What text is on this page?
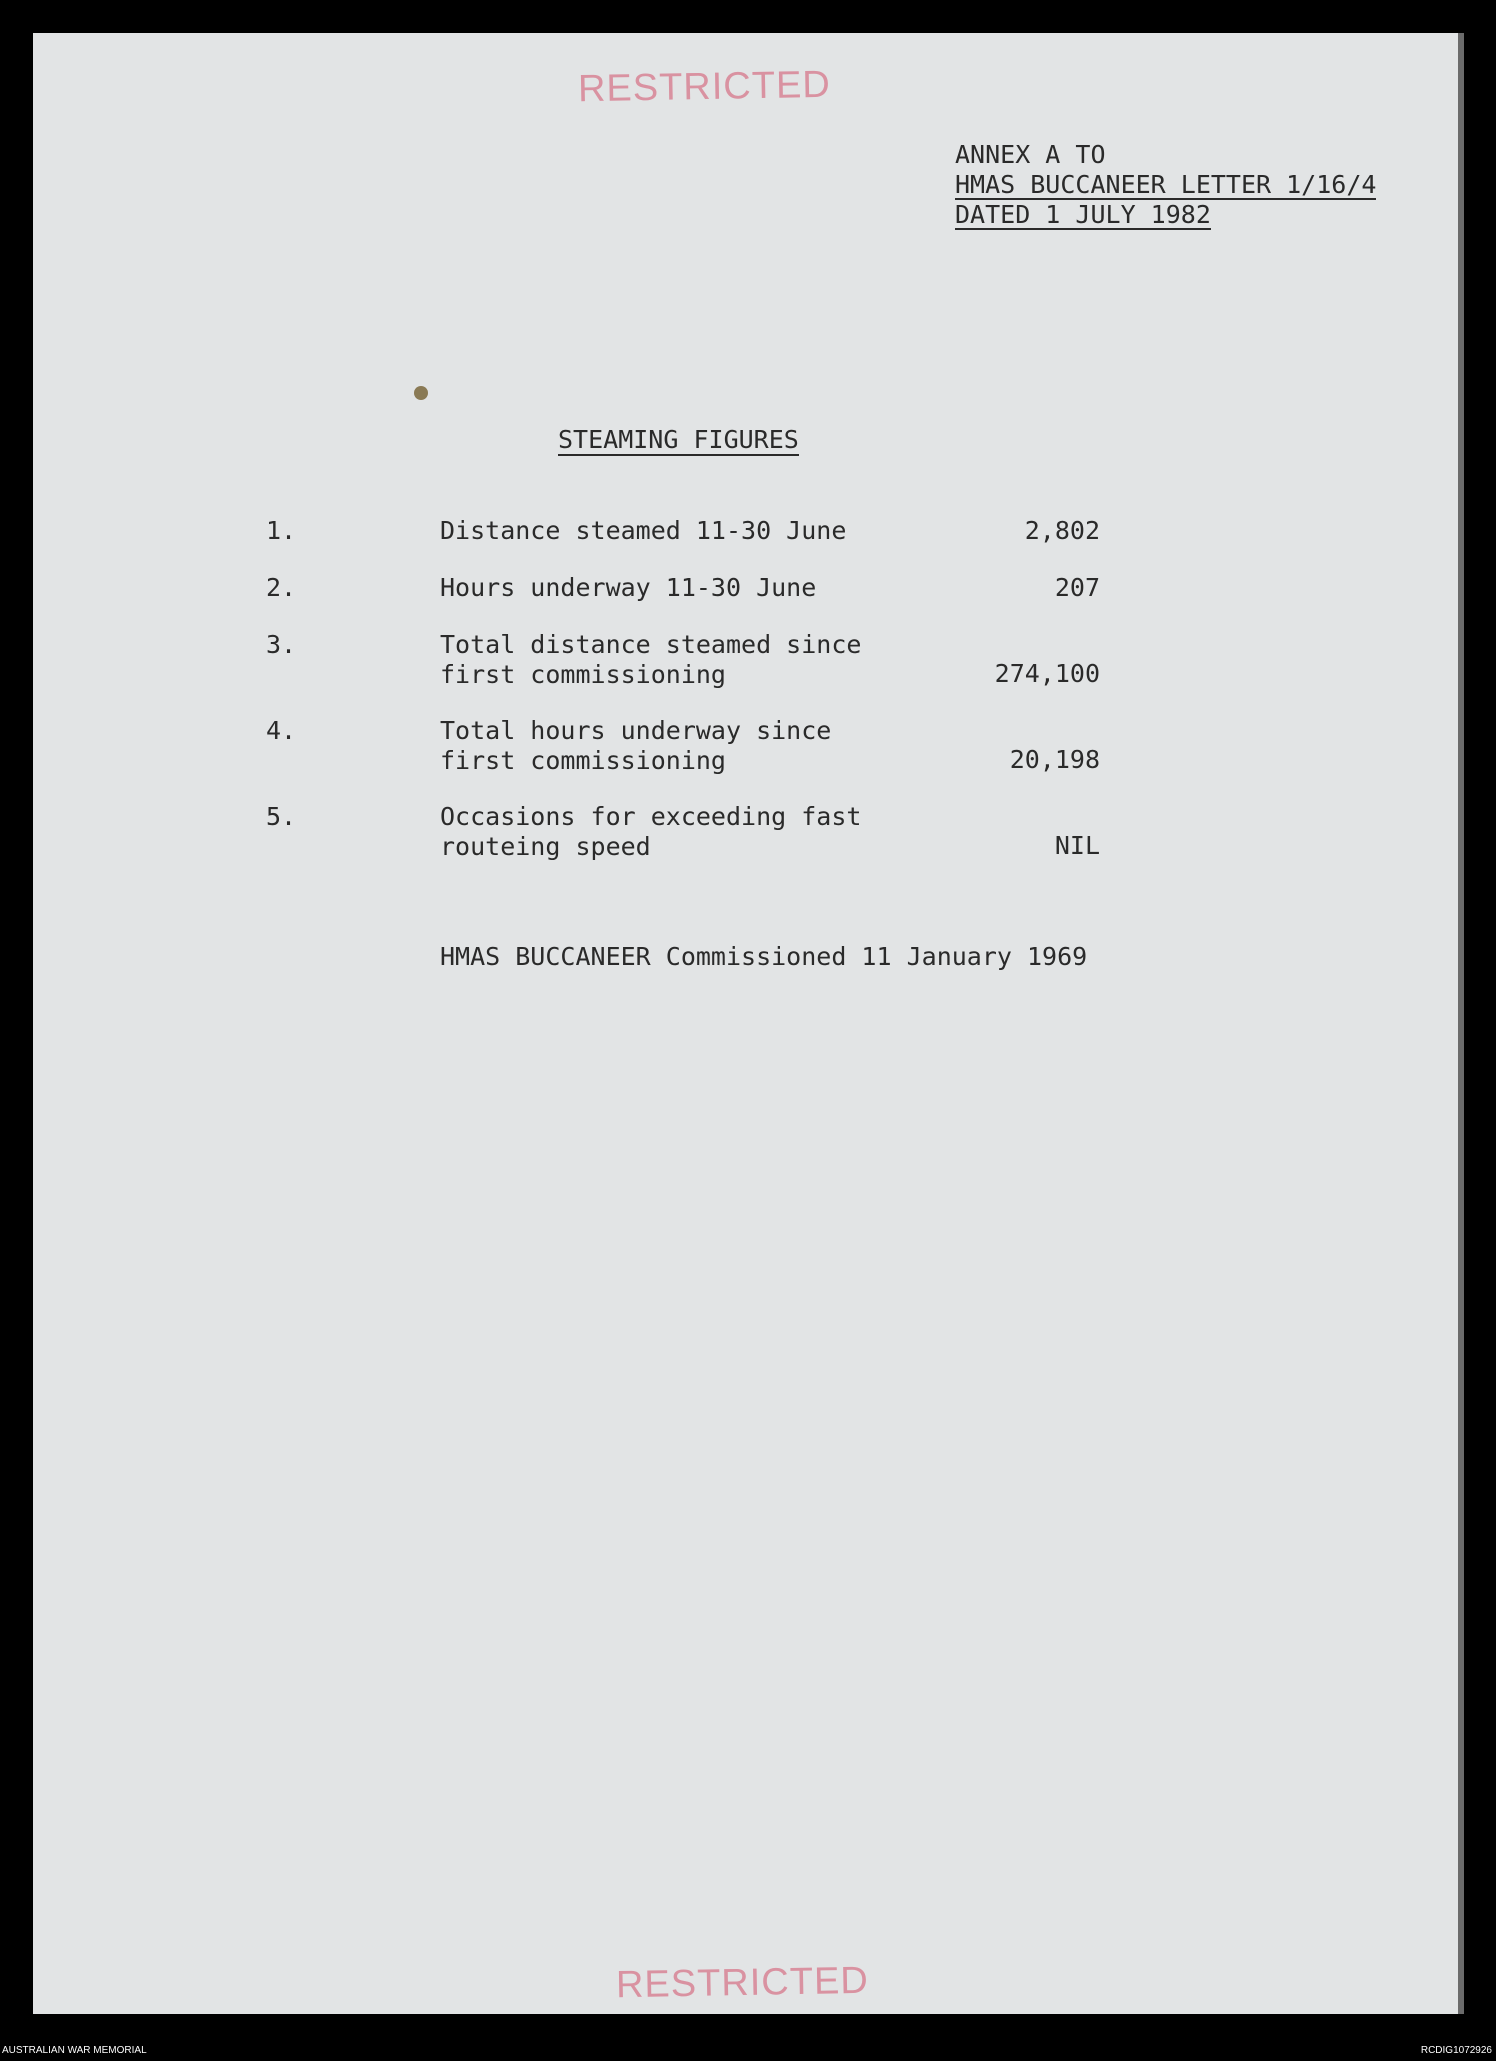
RESTRICTED
ANNEX A TO
HMAS BUCCANEER LETTER 1/16/4
DATED 1 JULY 1982
STEAMING FIGURES
1.	Distance steamed 11-30 June	2,802
2.	Hours underway 11-30 June	207
3.	Total distance steamed since
first commissioning	274,100
4.	Total hours underway since
first commissioning	20,198
5.	Occasions for exceeding fast
routeing speed	NIL
HMAS BUCCANEER Commissioned 11 January 1969
RESTRICTED
AUSTRALIAN WAR MEMORIAL	RCDIG1072926
